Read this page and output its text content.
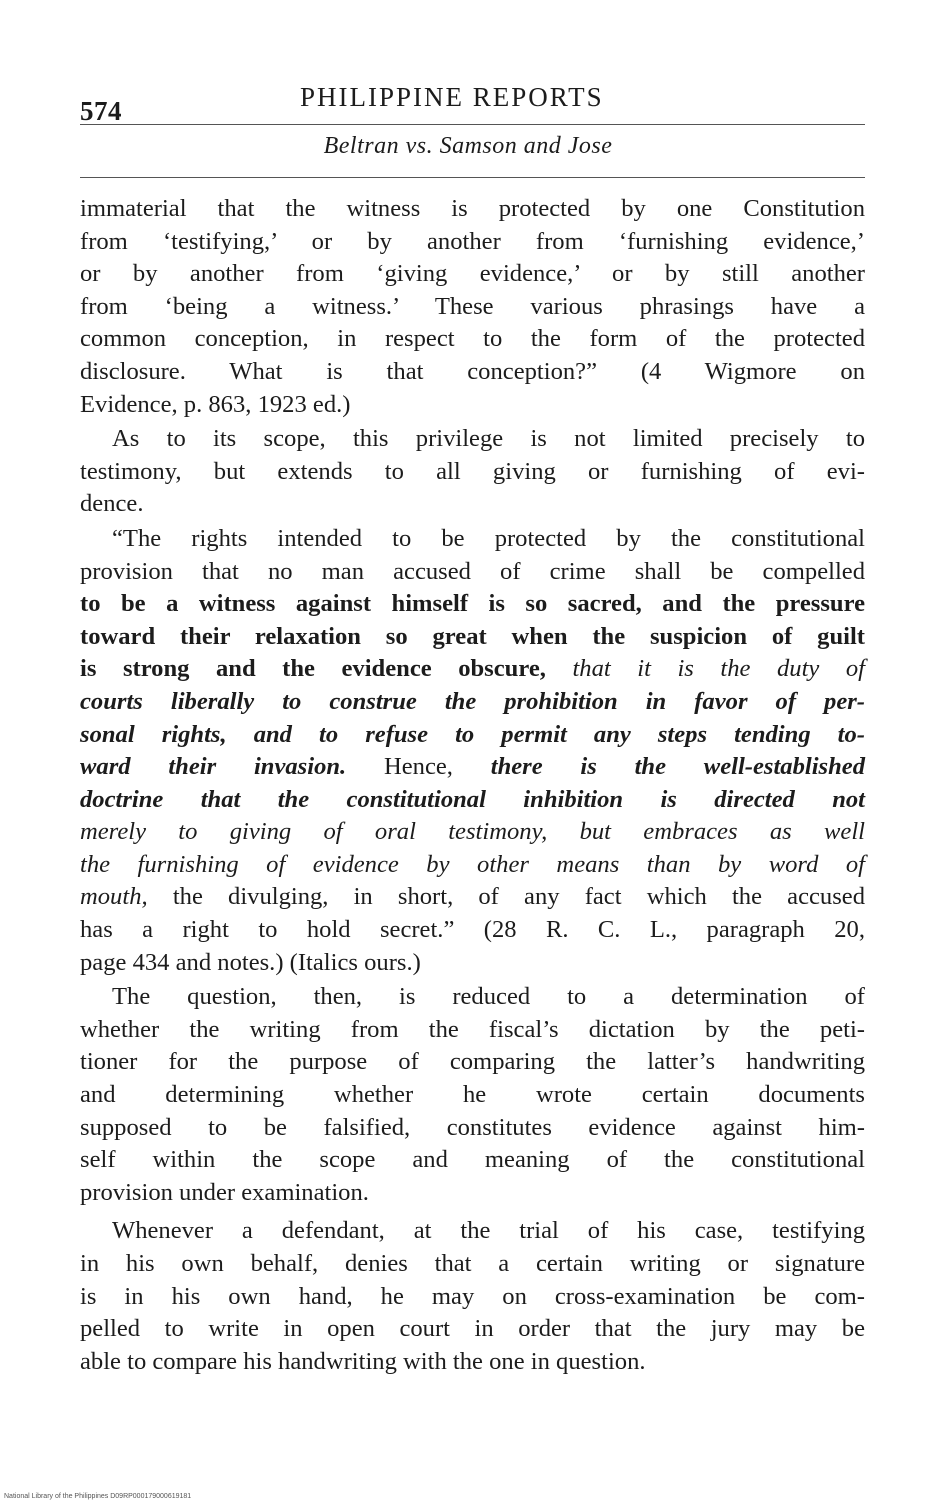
574	PHILIPPINE REPORTS
Beltran vs. Samson and Jose
immaterial that the witness is protected by one Constitution
from ‘testifying,’ or by another from ‘furnishing evidence,’
or by another from ‘giving evidence,’ or by still another
from ‘being a witness.’ These various phrasings have a
common conception, in respect to the form of the protected
disclosure. What is that conception?” (4 Wigmore on
Evidence, p. 863, 1923 ed.)
As to its scope, this privilege is not limited precisely to
testimony, but extends to all giving or furnishing of evi-
dence.
“The rights intended to be protected by the constitutional
provision that no man accused of crime shall be compelled
to be a witness against himself is so sacred, and the pressure
toward their relaxation so great when the suspicion of guilt
is strong and the evidence obscure, that it is the duty of
courts liberally to construe the prohibition in favor of per-
sonal rights, and to refuse to permit any steps tending to-
ward their invasion. Hence, there is the well-established
doctrine that the constitutional inhibition is directed not
merely to giving of oral testimony, but embraces as well
the furnishing of evidence by other means than by word of
mouth, the divulging, in short, of any fact which the accused
has a right to hold secret.” (28 R. C. L., paragraph 20,
page 434 and notes.) (Italics ours.)
The question, then, is reduced to a determination of
whether the writing from the fiscal’s dictation by the peti-
tioner for the purpose of comparing the latter’s handwriting
and determining whether he wrote certain documents
supposed to be falsified, constitutes evidence against him-
self within the scope and meaning of the constitutional
provision under examination.
Whenever a defendant, at the trial of his case, testifying
in his own behalf, denies that a certain writing or signature
is in his own hand, he may on cross-examination be com-
pelled to write in open court in order that the jury may be
able to compare his handwriting with the one in question.
National Library of the Philippines D09RP000179000619181
